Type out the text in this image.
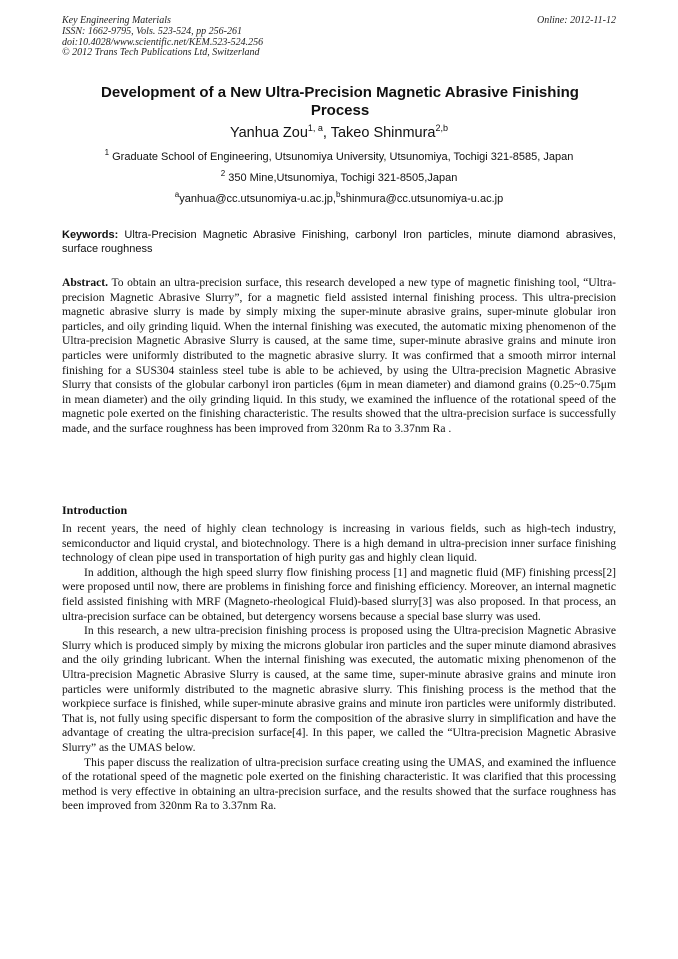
Key Engineering Materials
ISSN: 1662-9795, Vols. 523-524, pp 256-261
doi:10.4028/www.scientific.net/KEM.523-524.256
© 2012 Trans Tech Publications Ltd, Switzerland
Online: 2012-11-12
Development of a New Ultra-Precision Magnetic Abrasive Finishing Process
Yanhua Zou$^{1, a}$, Takeo Shinmura$^{2,b}$
$^1$ Graduate School of Engineering, Utsunomiya University, Utsunomiya, Tochigi 321-8585, Japan
$^2$ 350 Mine,Utsunomiya, Tochigi 321-8505,Japan
$^a$yanhua@cc.utsunomiya-u.ac.jp,$^b$shinmura@cc.utsunomiya-u.ac.jp
Keywords: Ultra-Precision Magnetic Abrasive Finishing, carbonyl Iron particles, minute diamond abrasives, surface roughness
Abstract. To obtain an ultra-precision surface, this research developed a new type of magnetic finishing tool, “Ultra-precision Magnetic Abrasive Slurry”, for a magnetic field assisted internal finishing process. This ultra-precision magnetic abrasive slurry is made by simply mixing the super-minute abrasive grains, super-minute globular iron particles, and oily grinding liquid. When the internal finishing was executed, the automatic mixing phenomenon of the Ultra-precision Magnetic Abrasive Slurry is caused, at the same time, super-minute abrasive grains and minute iron particles were uniformly distributed to the magnetic abrasive slurry. It was confirmed that a smooth mirror internal finishing for a SUS304 stainless steel tube is able to be achieved, by using the Ultra-precision Magnetic Abrasive Slurry that consists of the globular carbonyl iron particles (6μm in mean diameter) and diamond grains (0.25~0.75μm in mean diameter) and the oily grinding liquid. In this study, we examined the influence of the rotational speed of the magnetic pole exerted on the finishing characteristic. The results showed that the ultra-precision surface is successfully made, and the surface roughness has been improved from 320nm Ra to 3.37nm Ra .
Introduction

In recent years, the need of highly clean technology is increasing in various fields, such as high-tech industry, semiconductor and liquid crystal, and biotechnology. There is a high demand in ultra-precision inner surface finishing technology of clean pipe used in transportation of high purity gas and highly clean liquid.

In addition, although the high speed slurry flow finishing process [1] and magnetic fluid (MF) finishing prcess[2] were proposed until now, there are problems in finishing force and finishing efficiency. Moreover, an internal magnetic field assisted finishing with MRF (Magneto-rheological Fluid)-based slurry[3] was also proposed. In that process, an ultra-precision surface can be obtained, but detergency worsens because a special base slurry was used.

In this research, a new ultra-precision finishing process is proposed using the Ultra-precision Magnetic Abrasive Slurry which is produced simply by mixing the microns globular iron particles and the super minute diamond abrasives and the oily grinding lubricant. When the internal finishing was executed, the automatic mixing phenomenon of the Ultra-precision Magnetic Abrasive Slurry is caused, at the same time, super-minute abrasive grains and minute iron particles were uniformly distributed to the magnetic abrasive slurry. This finishing process is the method that the workpiece surface is finished, while super-minute abrasive grains and minute iron particles were uniformly distributed. That is, not fully using specific dispersant to form the composition of the abrasive slurry in simplification and have the advantage of creating the ultra-precision surface[4]. In this paper, we called the “Ultra-precision Magnetic Abrasive Slurry” as the UMAS below.

This paper discuss the realization of ultra-precision surface creating using the UMAS, and examined the influence of the rotational speed of the magnetic pole exerted on the finishing characteristic. It was clarified that this processing method is very effective in obtaining an ultra-precision surface, and the results showed that the surface roughness has been improved from 320nm Ra to 3.37nm Ra.
